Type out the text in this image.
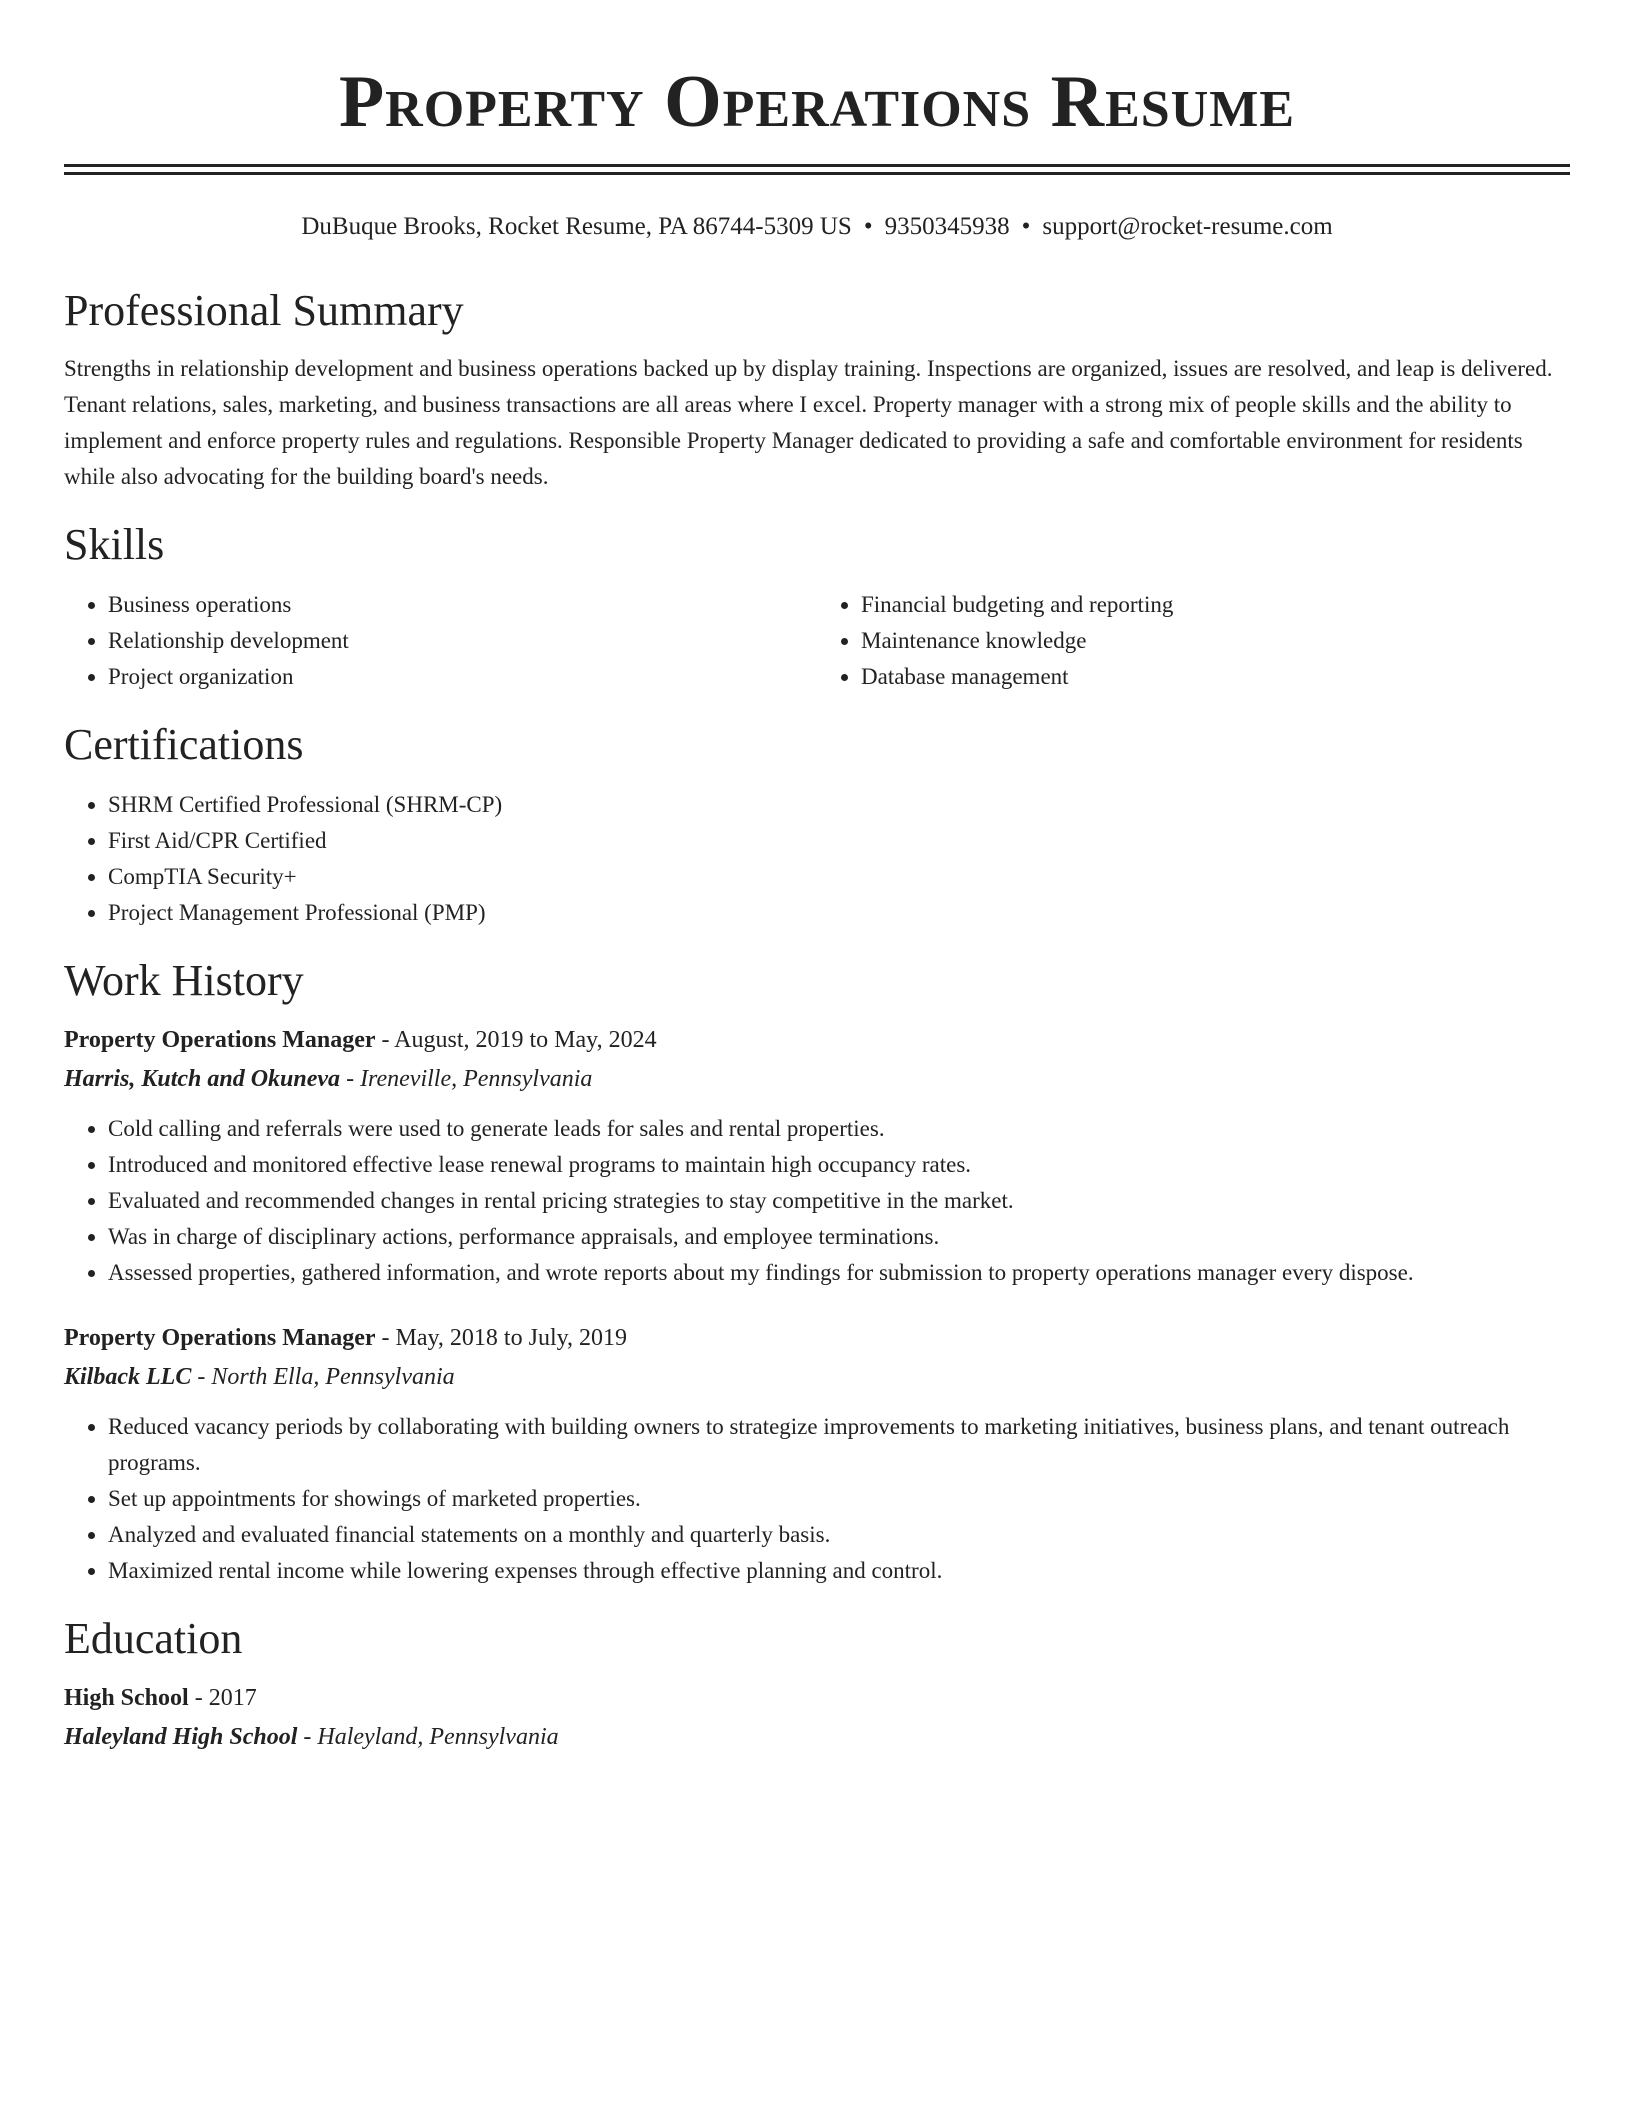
Property Operations Resume
DuBuque Brooks, Rocket Resume, PA 86744-5309 US • 9350345938 • support@rocket-resume.com
Professional Summary

Strengths in relationship development and business operations backed up by display training. Inspections are organized, issues are resolved, and leap is delivered. Tenant relations, sales, marketing, and business transactions are all areas where I excel. Property manager with a strong mix of people skills and the ability to implement and enforce property rules and regulations. Responsible Property Manager dedicated to providing a safe and comfortable environment for residents while also advocating for the building board's needs.

Skills
• Business operations
• Relationship development
• Project organization
• Financial budgeting and reporting
• Maintenance knowledge
• Database management
Certifications
• SHRM Certified Professional (SHRM-CP)
• First Aid/CPR Certified
• CompTIA Security+
• Project Management Professional (PMP)
Work History
Property Operations Manager - August, 2019 to May, 2024
Harris, Kutch and Okuneva - Ireneville, Pennsylvania
• Cold calling and referrals were used to generate leads for sales and rental properties.
• Introduced and monitored effective lease renewal programs to maintain high occupancy rates.
• Evaluated and recommended changes in rental pricing strategies to stay competitive in the market.
• Was in charge of disciplinary actions, performance appraisals, and employee terminations.
• Assessed properties, gathered information, and wrote reports about my findings for submission to property operations manager every dispose.
Property Operations Manager - May, 2018 to July, 2019
Kilback LLC - North Ella, Pennsylvania
• Reduced vacancy periods by collaborating with building owners to strategize improvements to marketing initiatives, business plans, and tenant outreach programs.
• Set up appointments for showings of marketed properties.
• Analyzed and evaluated financial statements on a monthly and quarterly basis.
• Maximized rental income while lowering expenses through effective planning and control.
Education
High School - 2017
Haleyland High School - Haleyland, Pennsylvania
